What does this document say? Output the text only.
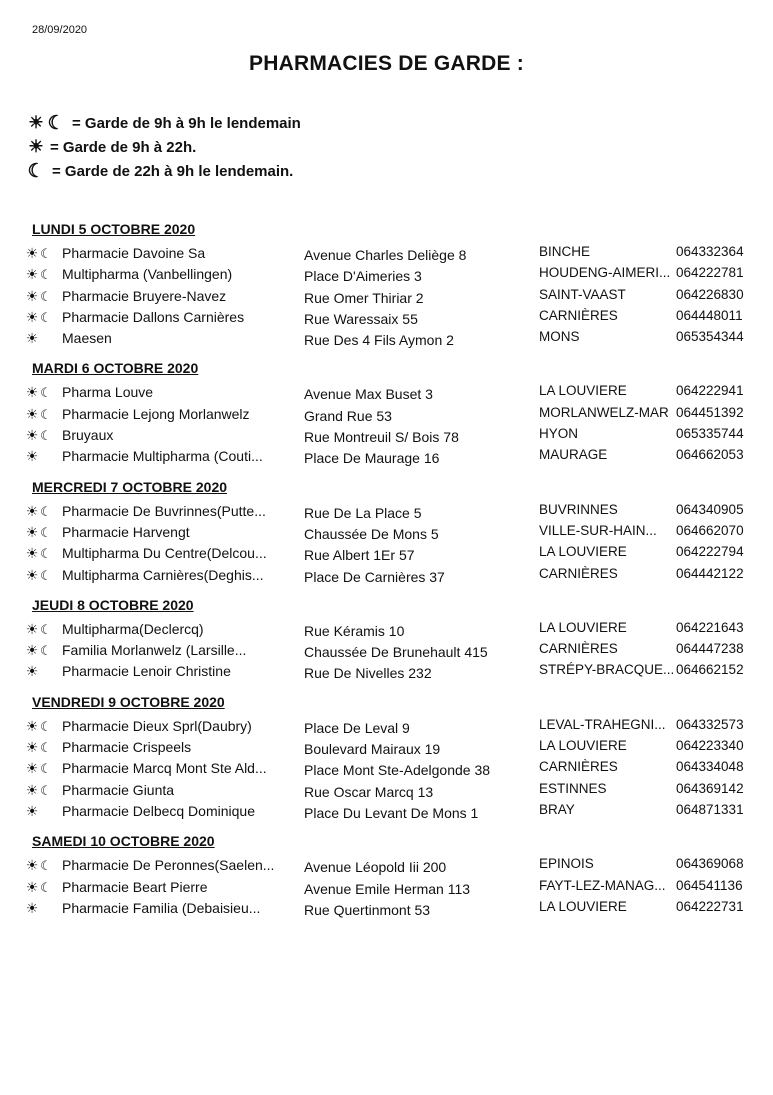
28/09/2020
PHARMACIES DE GARDE :
☀ ☾ = Garde de 9h à 9h le lendemain
☀ = Garde de 9h à 22h.
☾ = Garde de 22h à 9h le lendemain.
LUNDI 5 OCTOBRE 2020
☀ ☾ Pharmacie Davoine Sa	Avenue Charles Deliège 8	BINCHE	064332364
☀ ☾ Multipharma (Vanbellingen)	Place D'Aimeries 3	HOUDENG-AIMERI... 064222781
☀ ☾ Pharmacie Bruyere-Navez	Rue Omer Thiriar 2	SAINT-VAAST	064226830
☀ ☾ Pharmacie Dallons Carnières	Rue Waressaix 55	CARNIÈRES	064448011
☀	Maesen	Rue Des 4 Fils Aymon 2	MONS	065354344
MARDI 6 OCTOBRE 2020
☀ ☾ Pharma Louve	Avenue Max Buset 3	LA LOUVIERE	064222941
☀ ☾ Pharmacie Lejong Morlanwelz	Grand Rue 53	MORLANWELZ-MAR 064451392
☀ ☾ Bruyaux	Rue Montreuil S/ Bois 78	HYON	065335744
☀	Pharmacie Multipharma (Couti...	Place De Maurage 16	MAURAGE	064662053
MERCREDI 7 OCTOBRE 2020
☀ ☾ Pharmacie De Buvrinnes(Putte...	Rue De La Place 5	BUVRINNES	064340905
☀ ☾ Pharmacie Harvengt	Chaussée De Mons 5	VILLE-SUR-HAIN...	064662070
☀ ☾ Multipharma Du Centre(Delcou...	Rue Albert 1Er 57	LA LOUVIERE	064222794
☀ ☾ Multipharma Carnières(Deghis...	Place De Carnières 37	CARNIÈRES	064442122
JEUDI 8 OCTOBRE 2020
☀ ☾ Multipharma(Declercq)	Rue Kéramis 10	LA LOUVIERE	064221643
☀ ☾ Familia Morlanwelz (Larsille...	Chaussée De Brunehault 415	CARNIÈRES	064447238
☀	Pharmacie Lenoir Christine	Rue De Nivelles 232	STRÉPY-BRACQUE... 064662152
VENDREDI 9 OCTOBRE 2020
☀ ☾ Pharmacie Dieux Sprl(Daubry)	Place De Leval 9	LEVAL-TRAHEGNI... 064332573
☀ ☾ Pharmacie Crispeels	Boulevard Mairaux 19	LA LOUVIERE	064223340
☀ ☾ Pharmacie Marcq Mont Ste Ald...	Place Mont Ste-Adelgonde 38	CARNIÈRES	064334048
☀ ☾ Pharmacie Giunta	Rue Oscar Marcq 13	ESTINNES	064369142
☀	Pharmacie Delbecq Dominique	Place Du Levant De Mons 1	BRAY	064871331
SAMEDI 10 OCTOBRE 2020
☀ ☾ Pharmacie De Peronnes(Saelen...	Avenue Léopold Iii 200	EPINOIS	064369068
☀ ☾ Pharmacie Beart Pierre	Avenue Emile Herman 113	FAYT-LEZ-MANAG... 064541136
☀	Pharmacie Familia (Debaisieu...	Rue Quertinmont 53	LA LOUVIERE	064222731
